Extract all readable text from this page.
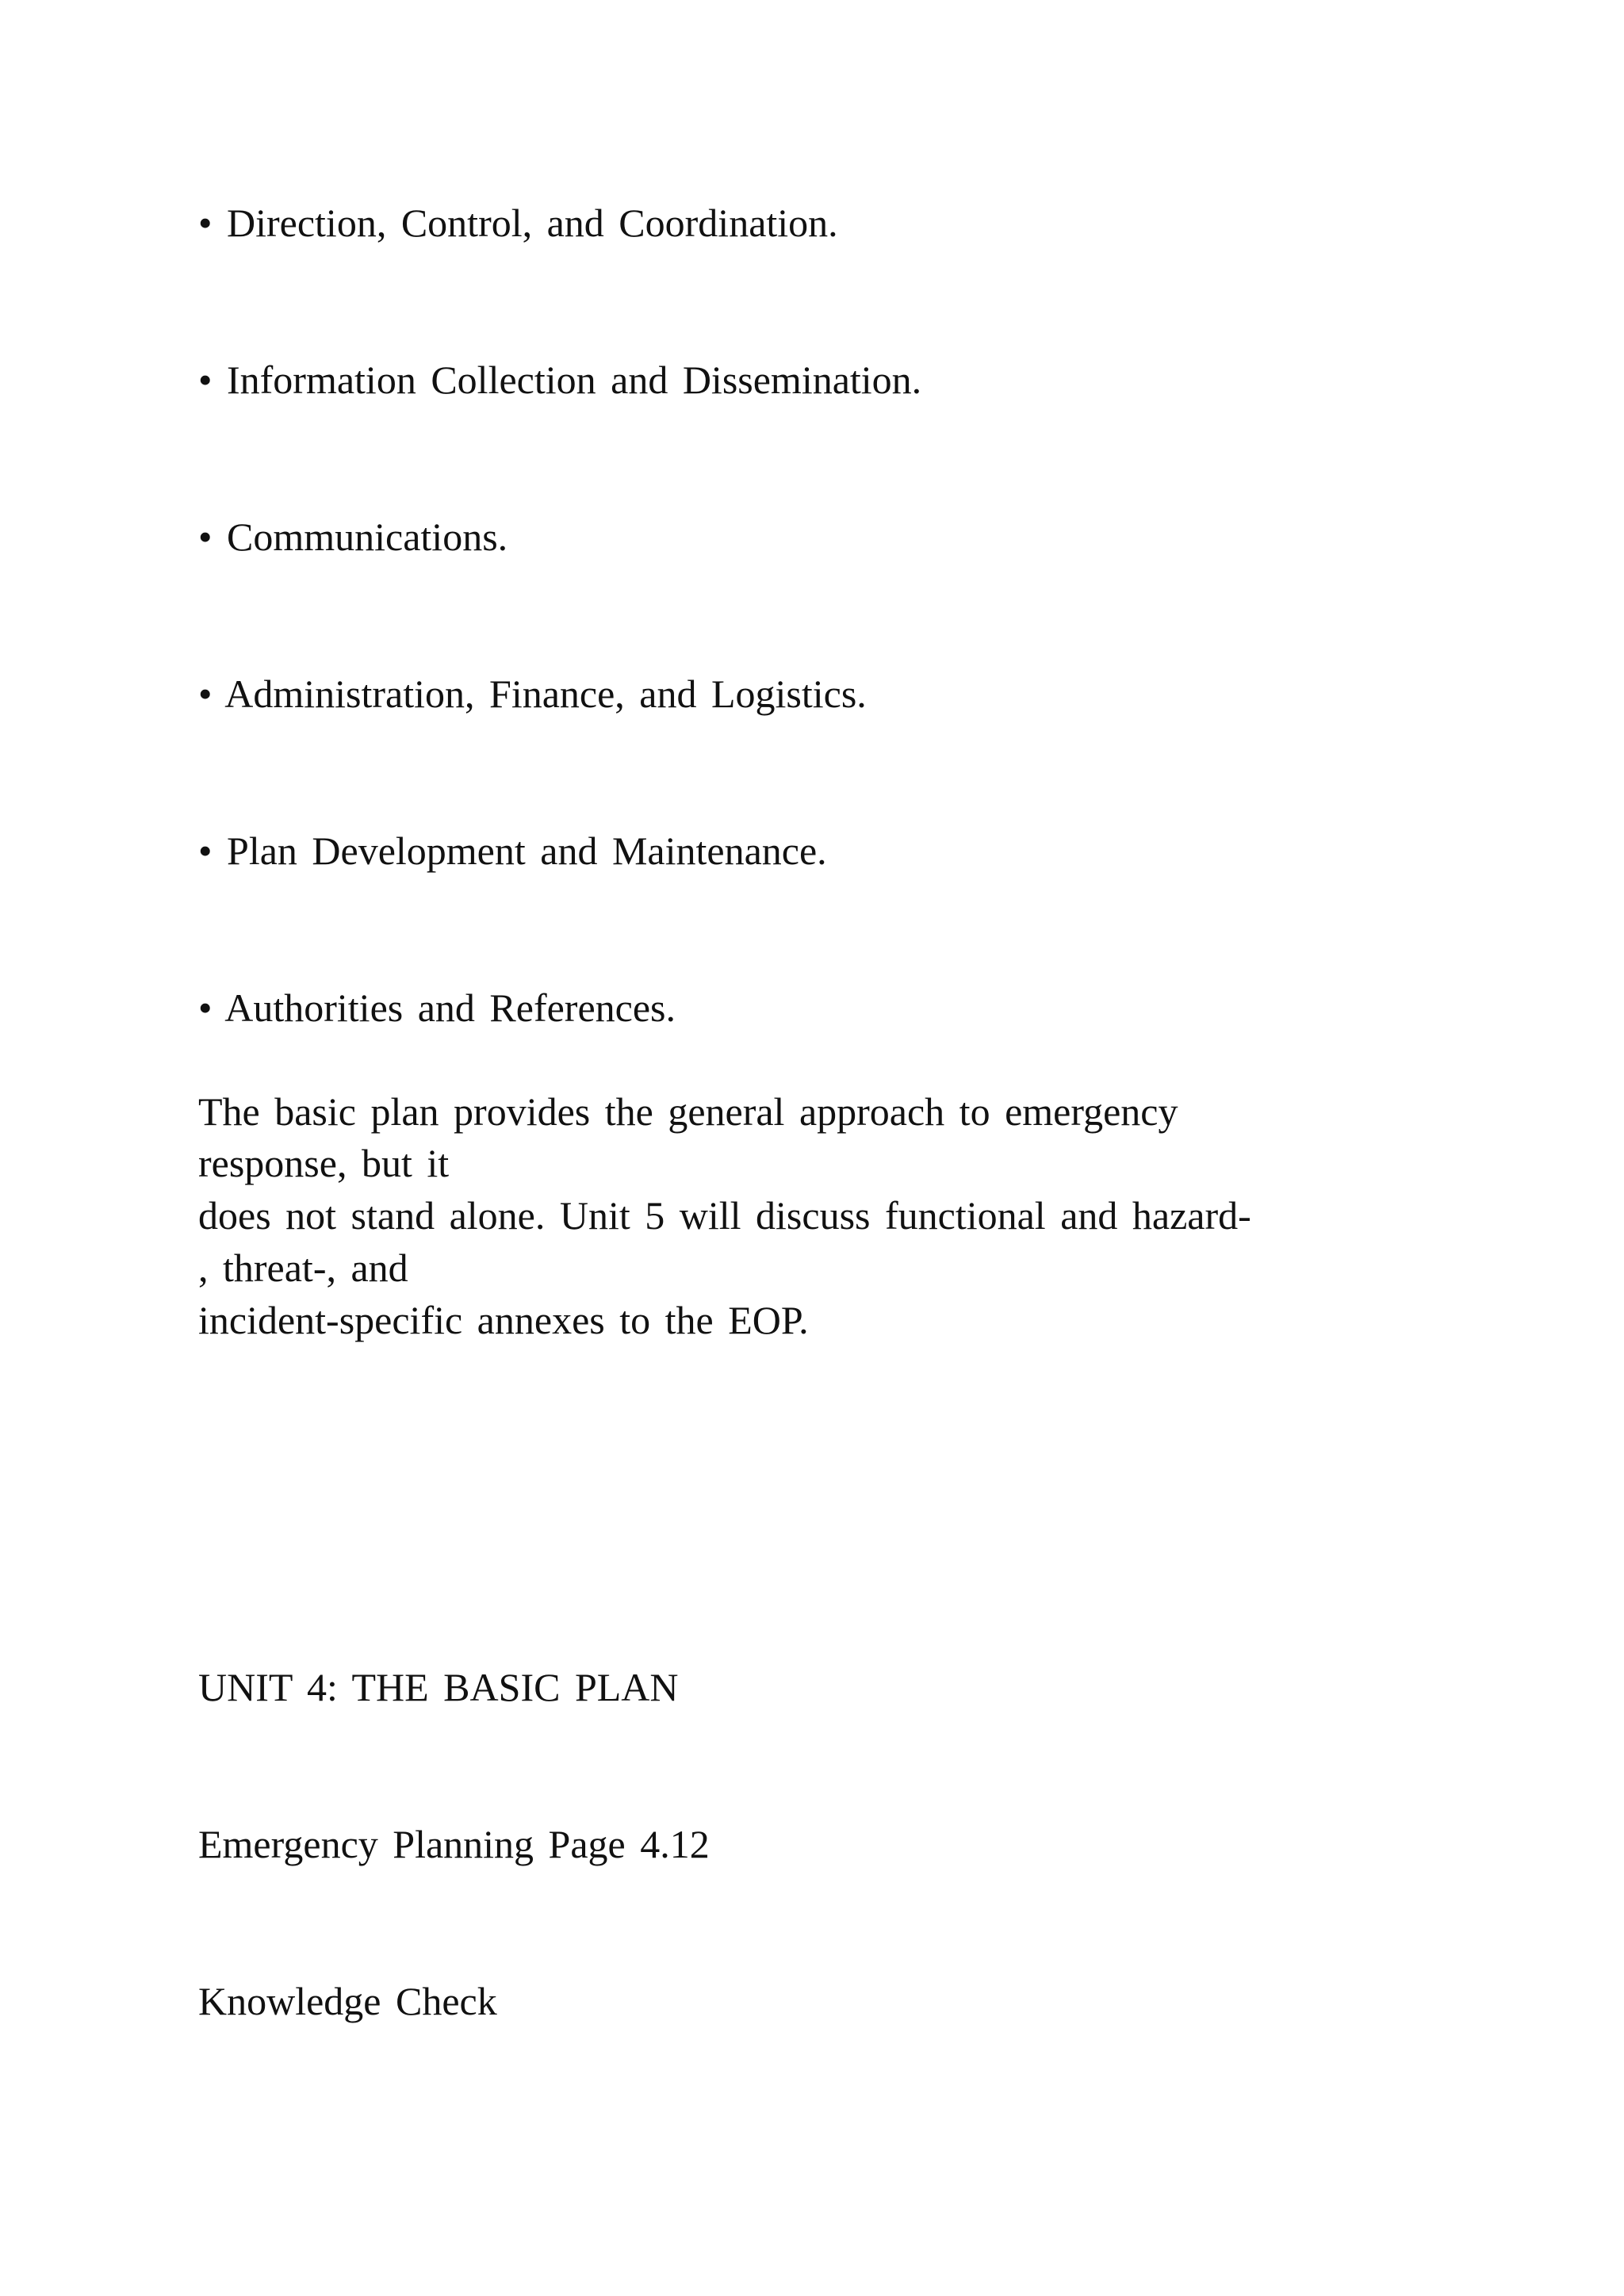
• Direction, Control, and Coordination.
• Information Collection and Dissemination.
• Communications.
• Administration, Finance, and Logistics.
• Plan Development and Maintenance.
• Authorities and References.
The basic plan provides the general approach to emergency
response, but it
does not stand alone. Unit 5 will discuss functional and hazard-
, threat-, and
incident-specific annexes to the EOP.
UNIT 4: THE BASIC PLAN
Emergency Planning Page 4.12
Knowledge Check
